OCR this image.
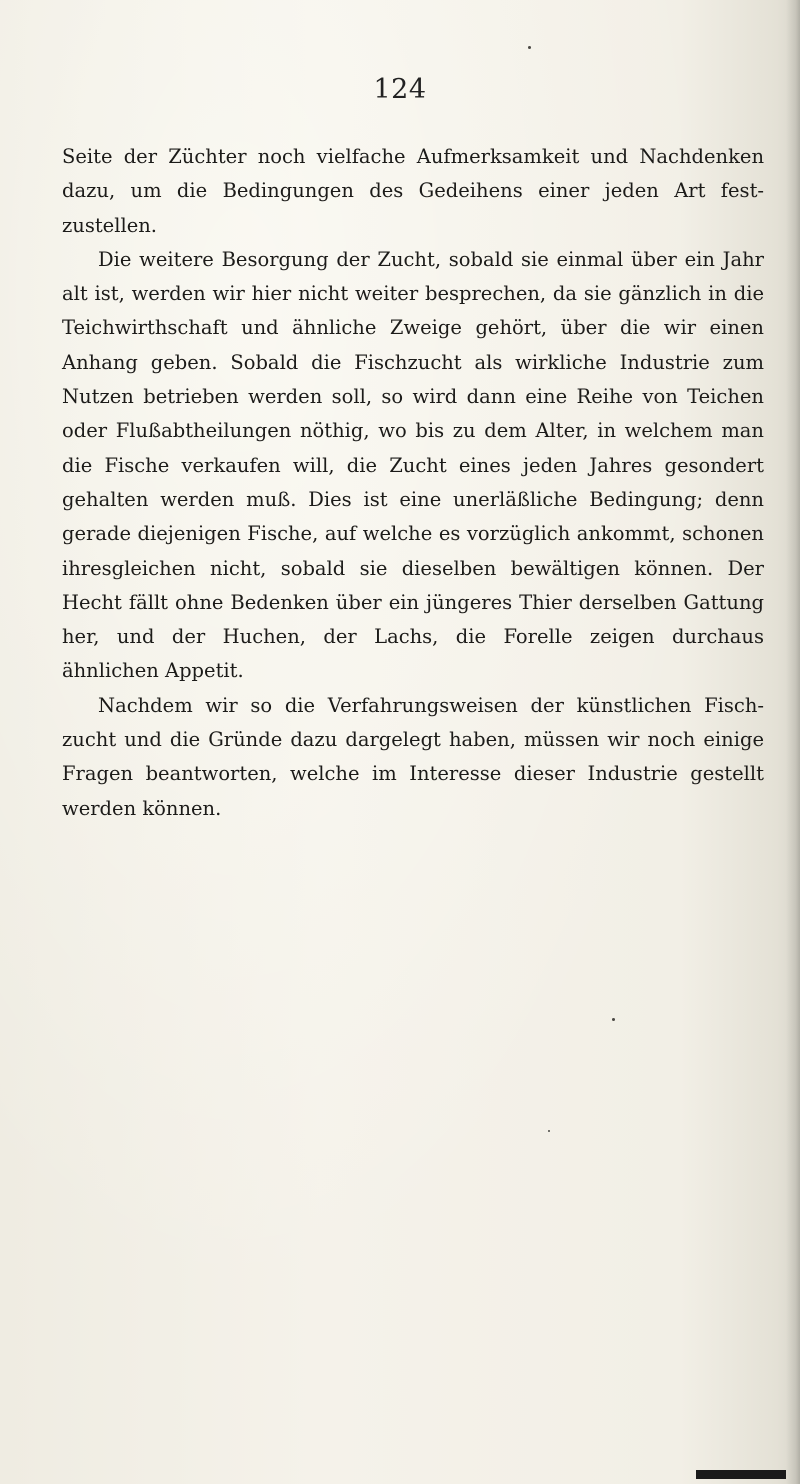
124

Seite der Züchter noch vielfache Aufmerksamkeit und Nachdenken dazu, um die Bedingungen des Gedeihens einer jeden Art fest- zustellen.

Die weitere Besorgung der Zucht, sobald sie einmal über ein Jahr alt ist, werden wir hier nicht weiter besprechen, da sie gänzlich in die Teichwirthschaft und ähnliche Zweige gehört, über die wir einen Anhang geben. Sobald die Fischzucht als wirkliche Industrie zum Nutzen betrieben werden soll, so wird dann eine Reihe von Teichen oder Flußabtheilungen nöthig, wo bis zu dem Alter, in welchem man die Fische verkaufen will, die Zucht eines jeden Jahres gesondert gehalten werden muß. Dies ist eine unerläßliche Bedingung; denn gerade diejenigen Fische, auf welche es vorzüglich ankommt, schonen ihresgleichen nicht, sobald sie dieselben bewältigen können. Der Hecht fällt ohne Bedenken über ein jüngeres Thier derselben Gattung her, und der Huchen, der Lachs, die Forelle zeigen durchaus ähnlichen Appetit.

Nachdem wir so die Verfahrungsweisen der künstlichen Fisch- zucht und die Gründe dazu dargelegt haben, müssen wir noch einige Fragen beantworten, welche im Interesse dieser Industrie gestellt werden können.
